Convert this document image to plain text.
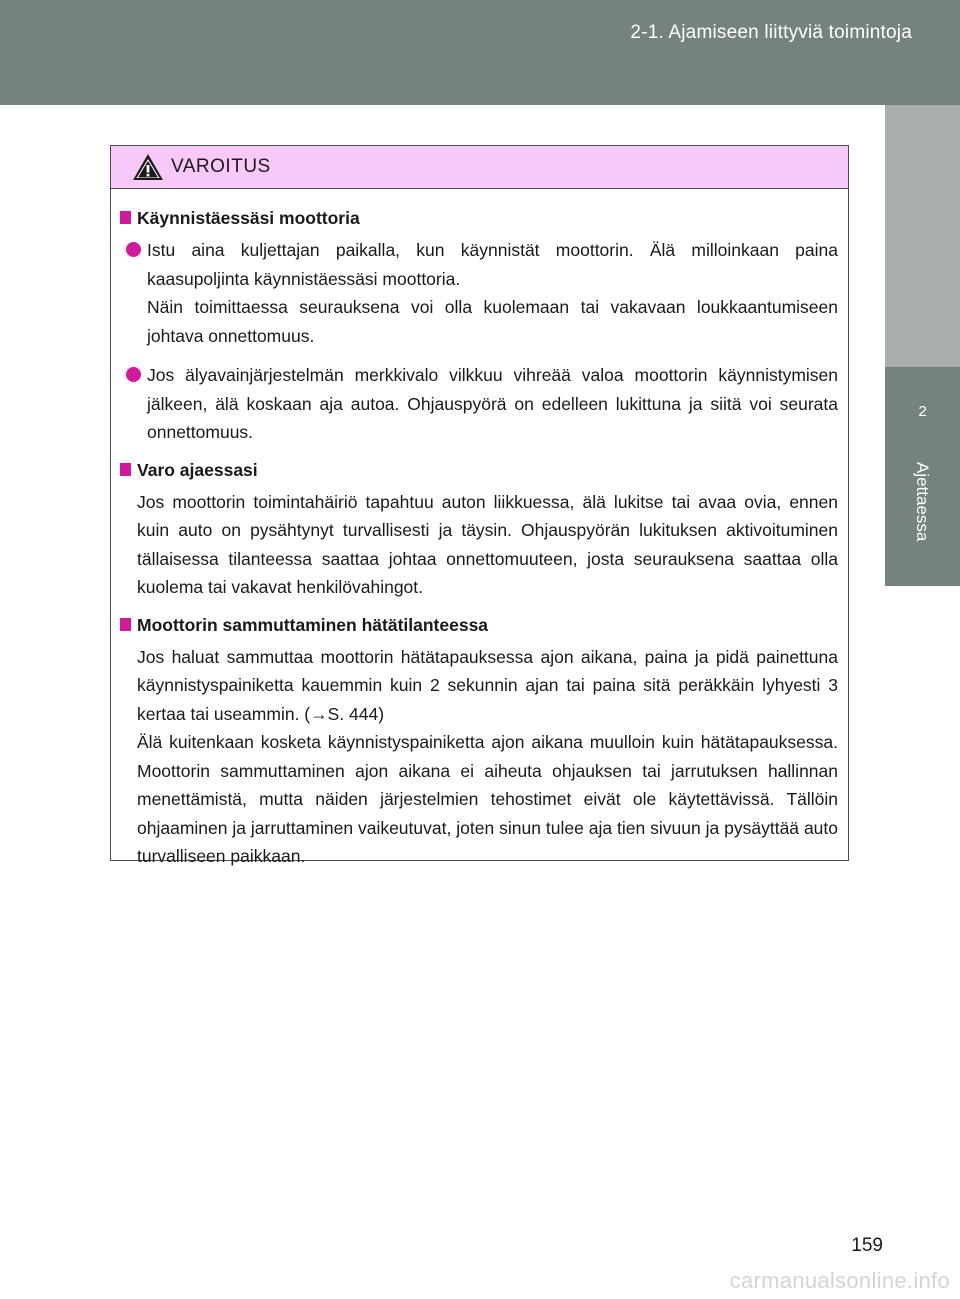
2-1. Ajamiseen liittyviä toimintoja
2
Ajettaessa
VAROITUS
Käynnistäessäsi moottoria
Istu aina kuljettajan paikalla, kun käynnistät moottorin. Älä milloinkaan paina kaasupoljinta käynnistäessäsi moottoria.
Näin toimittaessa seurauksena voi olla kuolemaan tai vakavaan loukkaantumiseen johtava onnettomuus.
Jos älyavainjärjestelmän merkkivalo vilkkuu vihreää valoa moottorin käynnistymisen jälkeen, älä koskaan aja autoa. Ohjauspyörä on edelleen lukittuna ja siitä voi seurata onnettomuus.
Varo ajaessasi
Jos moottorin toimintahäiriö tapahtuu auton liikkuessa, älä lukitse tai avaa ovia, ennen kuin auto on pysähtynyt turvallisesti ja täysin. Ohjauspyörän lukituksen aktivoituminen tällaisessa tilanteessa saattaa johtaa onnettomuuteen, josta seurauksena saattaa olla kuolema tai vakavat henkilövahingot.
Moottorin sammuttaminen hätätilanteessa
Jos haluat sammuttaa moottorin hätätapauksessa ajon aikana, paina ja pidä painettuna käynnistyspainiketta kauemmin kuin 2 sekunnin ajan tai paina sitä peräkkäin lyhyesti 3 kertaa tai useammin. (→S. 444)
Älä kuitenkaan kosketa käynnistyspainiketta ajon aikana muulloin kuin hätätapauksessa. Moottorin sammuttaminen ajon aikana ei aiheuta ohjauksen tai jarrutuksen hallinnan menettämistä, mutta näiden järjestelmien tehostimet eivät ole käytettävissä. Tällöin ohjaaminen ja jarruttaminen vaikeutuvat, joten sinun tulee aja tien sivuun ja pysäyttää auto turvalliseen paikkaan.
159
carmanualsonline.info
